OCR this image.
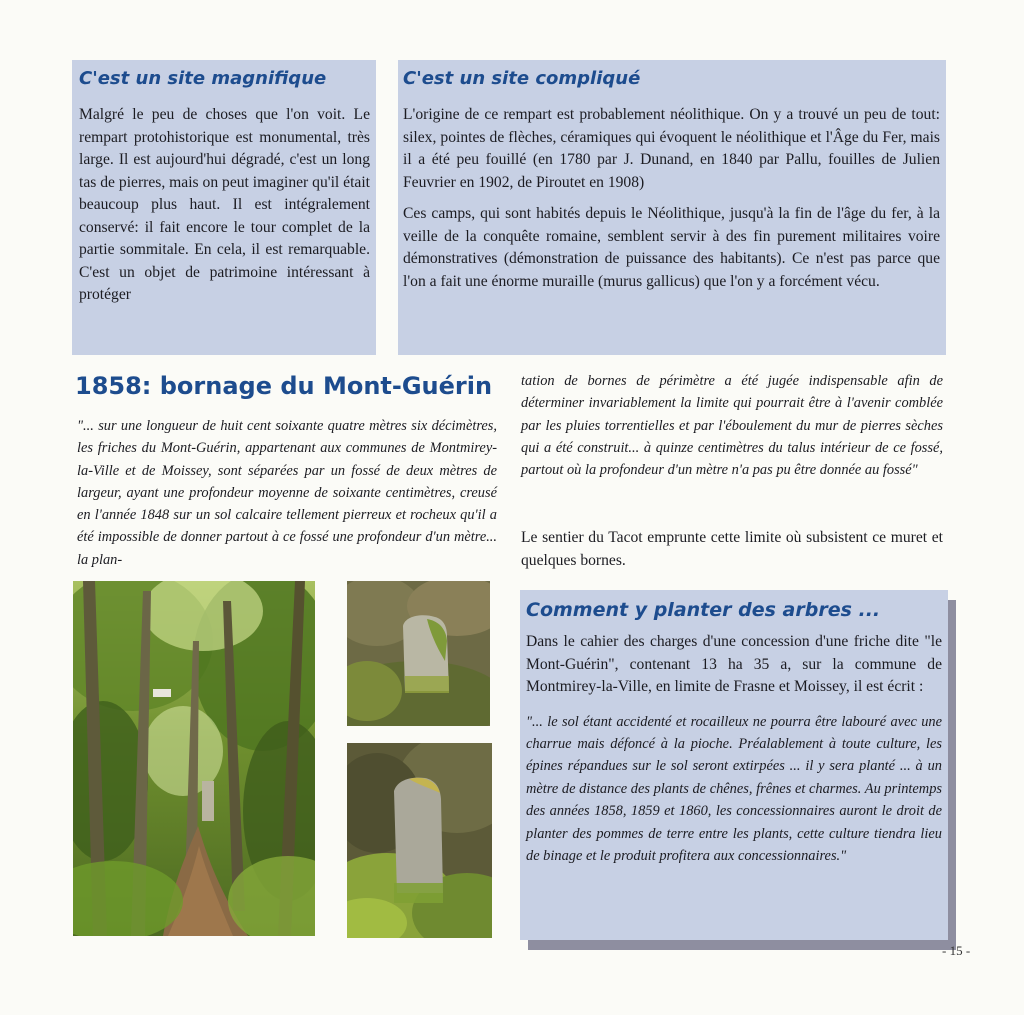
C'est un site magnifique

Malgré le peu de choses que l'on voit. Le rempart protohistorique est monumental, très large. Il est aujourd'hui dégradé, c'est un long tas de pierres, mais on peut imaginer qu'il était beaucoup plus haut. Il est intégralement conservé: il fait encore le tour complet de la partie sommitale. En cela, il est remarquable. C'est un objet de patrimoine intéressant à protéger

C'est un site compliqué

L'origine de ce rempart est probablement néolithique. On y a trouvé un peu de tout: silex, pointes de flèches, céramiques qui évoquent le néolithique et l'Âge du Fer, mais il a été peu fouillé (en 1780 par J. Dunand, en 1840 par Pallu, fouilles de Julien Feuvrier en 1902, de Piroutet en 1908)

Ces camps, qui sont habités depuis le Néolithique, jusqu'à la fin de l'âge du fer, à la veille de la conquête romaine, semblent servir à des fin purement militaires voire démonstratives (démonstration de puissance des habitants). Ce n'est pas parce que l'on a fait une énorme muraille (murus gallicus) que l'on y a forcément vécu.

1858: bornage du Mont-Guérin
"... sur une longueur de huit cent soixante quatre mètres six décimètres, les friches du Mont-Guérin, appartenant aux communes de Montmirey-la-Ville et de Moissey, sont séparées par un fossé de deux mètres de largeur, ayant une profondeur moyenne de soixante centimètres, creusé en l'année 1848 sur un sol calcaire tellement pierreux et rocheux qu'il a été impossible de donner partout à ce fossé une profondeur d'un mètre... la plan-
tation de bornes de périmètre a été jugée indispensable afin de déterminer invariablement la limite qui pourrait être à l'avenir comblée par les pluies torrentielles et par l'éboulement du mur de pierres sèches qui a été construit... à quinze centimètres du talus intérieur de ce fossé, partout où la profondeur d'un mètre n'a pas pu être donnée au fossé"
Le sentier du Tacot emprunte cette limite où subsistent ce muret et quelques bornes.
Comment y planter des arbres ...
Dans le cahier des charges d'une concession d'une friche dite "le Mont-Guérin", contenant 13 ha 35 a, sur la commune de Montmirey-la-Ville, en limite de Frasne et Moissey, il est écrit :
"... le sol étant accidenté et rocailleux ne pourra être labouré avec une charrue mais défoncé à la pioche. Préalablement à toute culture, les épines répandues sur le sol seront extirpées ... il y sera planté ... à un mètre de distance des plants de chênes, frênes et charmes. Au printemps des années 1858, 1859 et 1860, les concessionnaires auront le droit de planter des pommes de terre entre les plants, cette culture tiendra lieu de binage et le produit profitera aux concessionnaires."
- 15 -
